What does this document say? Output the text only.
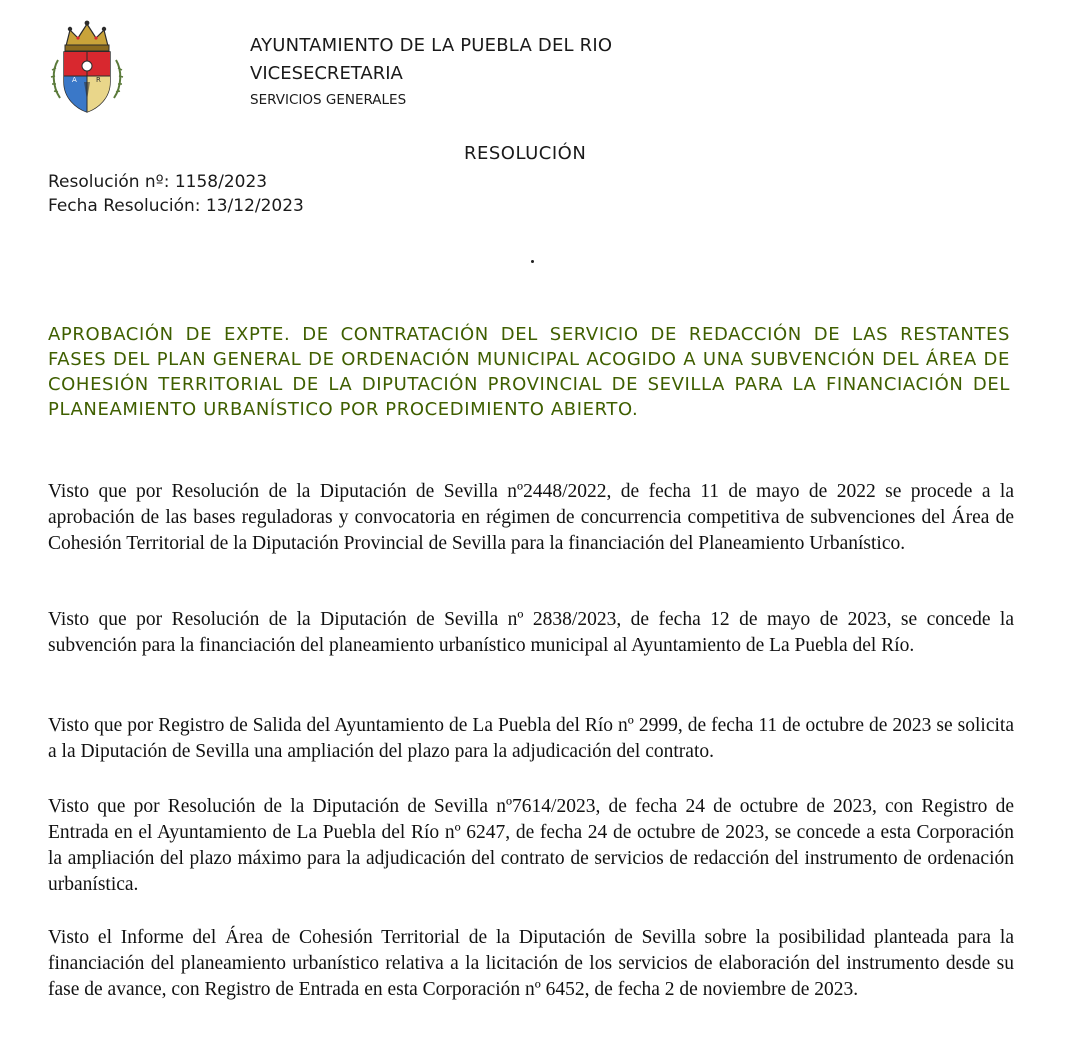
A	R

AYUNTAMIENTO DE LA PUEBLA DEL RIO

VICESECRETARIA

SERVICIOS GENERALES

RESOLUCIÓN

Resolución nº: 1158/2023
Fecha Resolución: 13/12/2023

APROBACIÓN DE EXPTE. DE CONTRATACIÓN DEL SERVICIO DE REDACCIÓN DE LAS RESTANTES FASES DEL PLAN GENERAL DE ORDENACIÓN MUNICIPAL ACOGIDO A UNA SUBVENCIÓN DEL ÁREA DE COHESIÓN TERRITORIAL DE LA DIPUTACIÓN PROVINCIAL DE SEVILLA PARA LA FINANCIACIÓN DEL PLANEAMIENTO URBANÍSTICO POR PROCEDIMIENTO ABIERTO.

Visto que por Resolución de la Diputación de Sevilla nº2448/2022, de fecha 11 de mayo de 2022 se procede a la aprobación de las bases reguladoras y convocatoria en régimen de concurrencia competitiva de subvenciones del Área de Cohesión Territorial de la Diputación Provincial de Sevilla para la financiación del Planeamiento Urbanístico.

Visto que por Resolución de la Diputación de Sevilla nº 2838/2023, de fecha 12 de mayo de 2023, se concede la subvención para la financiación del planeamiento urbanístico municipal al Ayuntamiento de La Puebla del Río.

Visto que por Registro de Salida del Ayuntamiento de La Puebla del Río nº 2999, de fecha 11 de octubre de 2023 se solicita a la Diputación de Sevilla una ampliación del plazo para la adjudicación del contrato.

Visto que por Resolución de la Diputación de Sevilla nº7614/2023, de fecha 24 de octubre de 2023, con Registro de Entrada en el Ayuntamiento de La Puebla del Río nº 6247, de fecha 24 de octubre de 2023, se concede a esta Corporación la ampliación del plazo máximo para la adjudicación del contrato de servicios de redacción del instrumento de ordenación urbanística.

Visto el Informe del Área de Cohesión Territorial de la Diputación de Sevilla sobre la posibilidad planteada para la financiación del planeamiento urbanístico relativa a la licitación de los servicios de elaboración del instrumento desde su fase de avance, con Registro de Entrada en esta Corporación nº 6452, de fecha 2 de noviembre de 2023.
